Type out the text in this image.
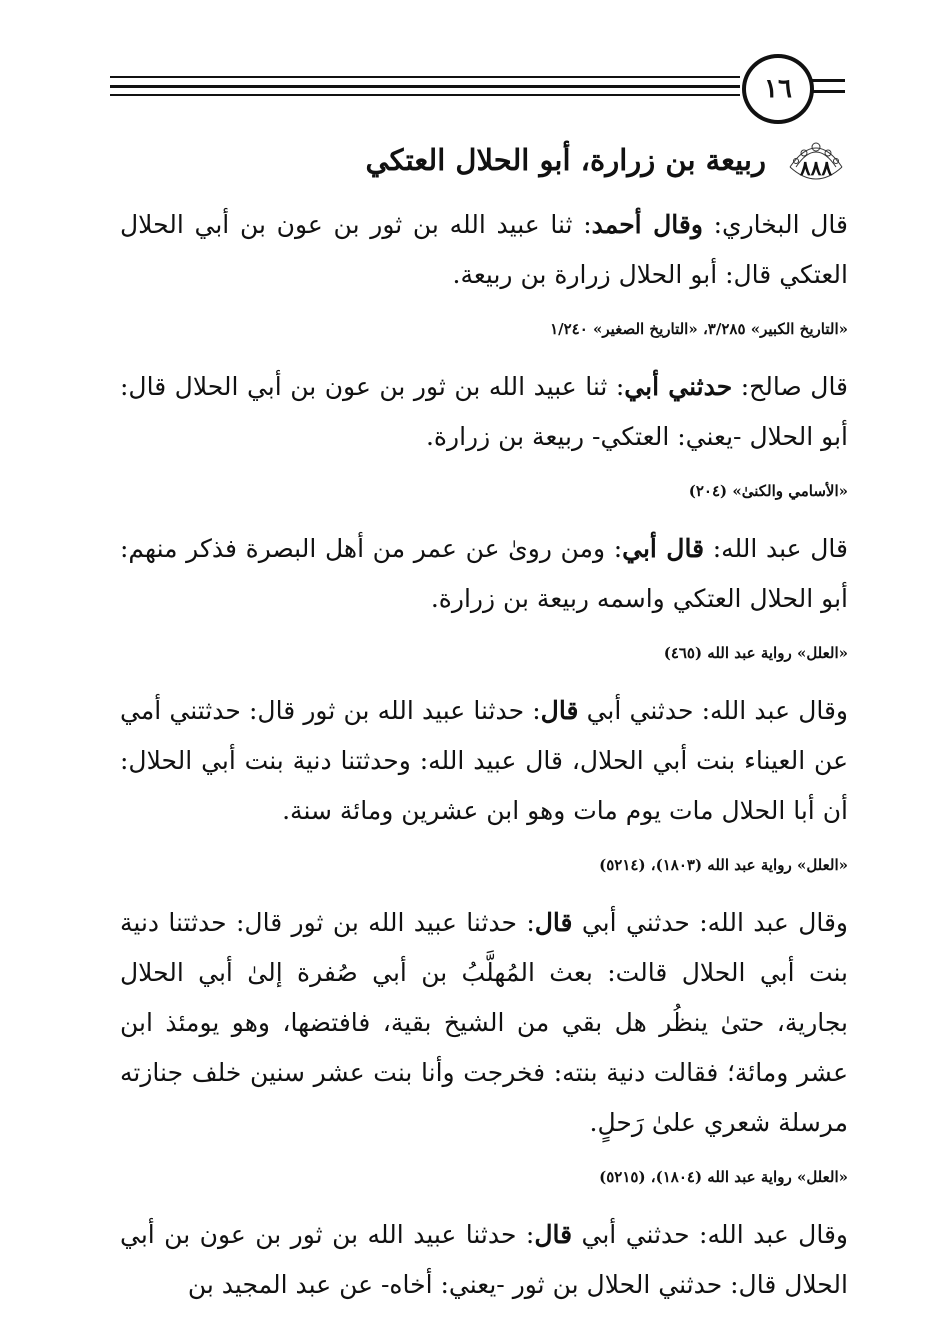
١٦
٨٨٨
ربيعة بن زرارة، أبو الحلال العتكي

قال البخاري: وقال أحمد: ثنا عبيد الله بن ثور بن عون بن أبي الحلال العتكي قال: أبو الحلال زرارة بن ربيعة.

«التاريخ الكبير» ٣/٢٨٥، «التاريخ الصغير» ١/٢٤٠

قال صالح: حدثني أبي: ثنا عبيد الله بن ثور بن عون بن أبي الحلال قال: أبو الحلال -يعني: العتكي- ربيعة بن زرارة.

«الأسامي والكنىٰ» (٢٠٤)

قال عبد الله: قال أبي: ومن روىٰ عن عمر من أهل البصرة فذكر منهم: أبو الحلال العتكي واسمه ربيعة بن زرارة.

«العلل» رواية عبد الله (٤٦٥)

وقال عبد الله: حدثني أبي قال: حدثنا عبيد الله بن ثور قال: حدثتني أمي عن العيناء بنت أبي الحلال، قال عبيد الله: وحدثتنا دنية بنت أبي الحلال: أن أبا الحلال مات يوم مات وهو ابن عشرين ومائة سنة.

«العلل» رواية عبد الله (١٨٠٣)، (٥٢١٤)

وقال عبد الله: حدثني أبي قال: حدثنا عبيد الله بن ثور قال: حدثتنا دنية بنت أبي الحلال قالت: بعث المُهلَّبُ بن أبي صُفرة إلىٰ أبي الحلال بجارية، حتىٰ ينظُر هل بقي من الشيخ بقية، فافتضها، وهو يومئذ ابن عشر ومائة؛ فقالت دنية بنته: فخرجت وأنا بنت عشر سنين خلف جنازته مرسلة شعري علىٰ رَحلٍ.

«العلل» رواية عبد الله (١٨٠٤)، (٥٢١٥)

وقال عبد الله: حدثني أبي قال: حدثنا عبيد الله بن ثور بن عون بن أبي الحلال قال: حدثني الحلال بن ثور -يعني: أخاه- عن عبد المجيد بن
